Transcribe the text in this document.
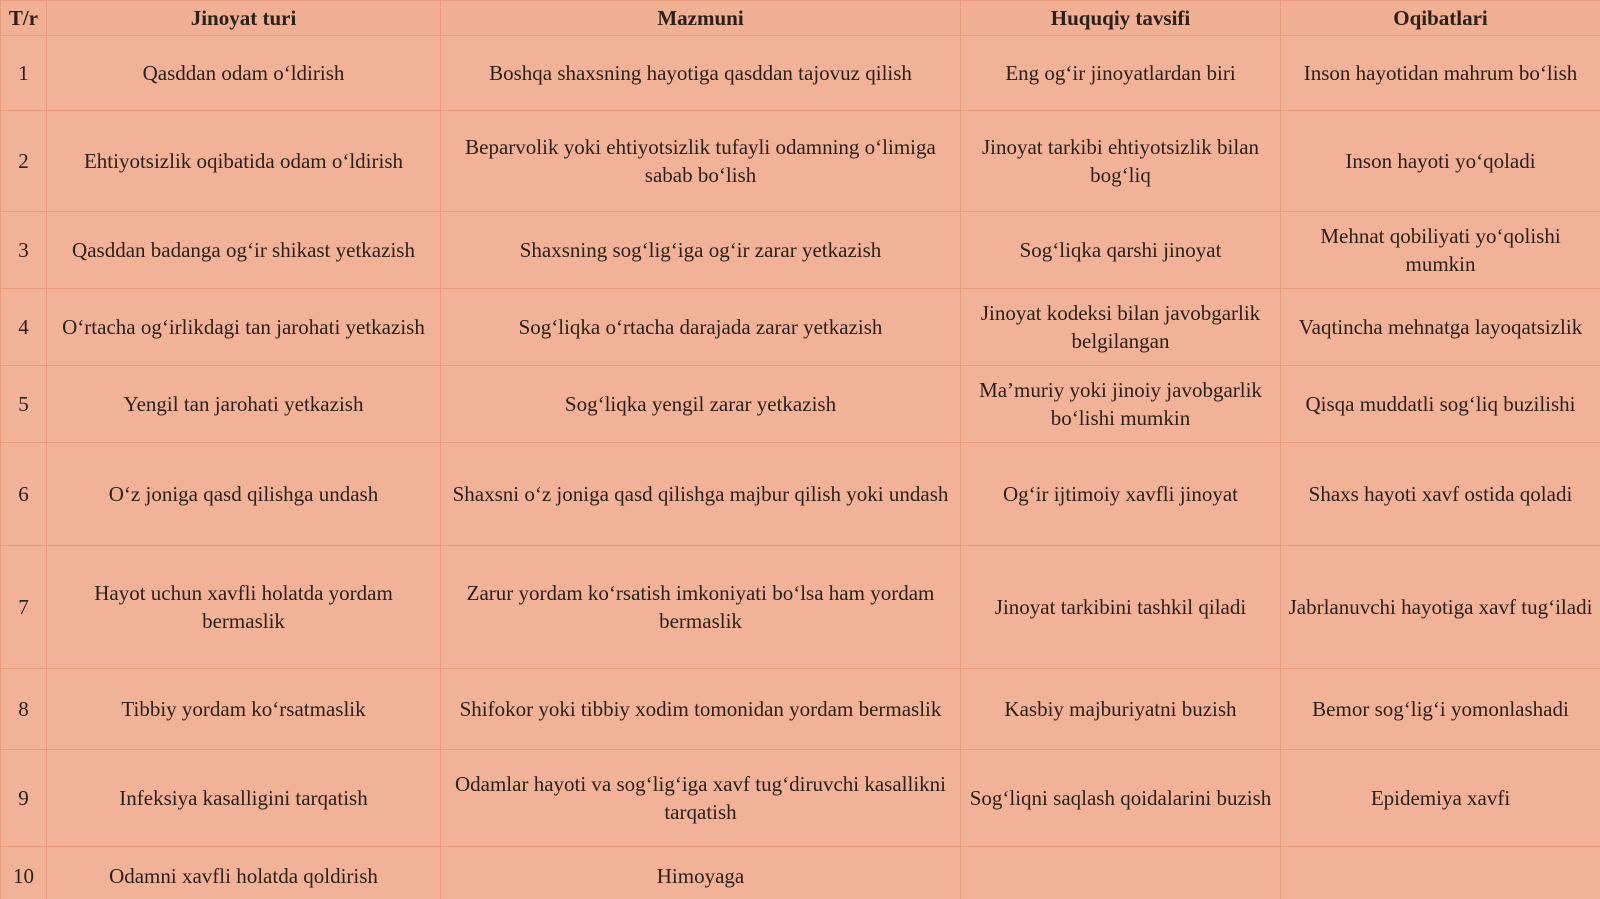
T/r	Jinoyat turi	Mazmuni	Huquqiy tavsifi	Oqibatlari
1	Qasddan odam o‘ldirish	Boshqa shaxsning hayotiga qasddan tajovuz qilish	Eng og‘ir jinoyatlardan biri	Inson hayotidan mahrum bo‘lish
2	Ehtiyotsizlik oqibatida odam o‘ldirish	Beparvolik yoki ehtiyotsizlik tufayli odamning o‘limiga sabab bo‘lish	Jinoyat tarkibi ehtiyotsizlik bilan bog‘liq	Inson hayoti yo‘qoladi
3	Qasddan badanga og‘ir shikast yetkazish	Shaxsning sog‘lig‘iga og‘ir zarar yetkazish	Sog‘liqka qarshi jinoyat	Mehnat qobiliyati yo‘qolishi mumkin
4	O‘rtacha og‘irlikdagi tan jarohati yetkazish	Sog‘liqka o‘rtacha darajada zarar yetkazish	Jinoyat kodeksi bilan javobgarlik belgilangan	Vaqtincha mehnatga layoqatsizlik
5	Yengil tan jarohati yetkazish	Sog‘liqka yengil zarar yetkazish	Ma’muriy yoki jinoiy javobgarlik bo‘lishi mumkin	Qisqa muddatli sog‘liq buzilishi
6	O‘z joniga qasd qilishga undash	Shaxsni o‘z joniga qasd qilishga majbur qilish yoki undash	Og‘ir ijtimoiy xavfli jinoyat	Shaxs hayoti xavf ostida qoladi
7	Hayot uchun xavfli holatda yordam bermaslik	Zarur yordam ko‘rsatish imkoniyati bo‘lsa ham yordam bermaslik	Jinoyat tarkibini tashkil qiladi	Jabrlanuvchi hayotiga xavf tug‘iladi
8	Tibbiy yordam ko‘rsatmaslik	Shifokor yoki tibbiy xodim tomonidan yordam bermaslik	Kasbiy majburiyatni buzish	Bemor sog‘lig‘i yomonlashadi
9	Infeksiya kasalligini tarqatish	Odamlar hayoti va sog‘lig‘iga xavf tug‘diruvchi kasallikni tarqatish	Sog‘liqni saqlash qoidalarini buzish	Epidemiya xavfi
10	Odamni xavfli holatda qoldirish	Himoyaga		
